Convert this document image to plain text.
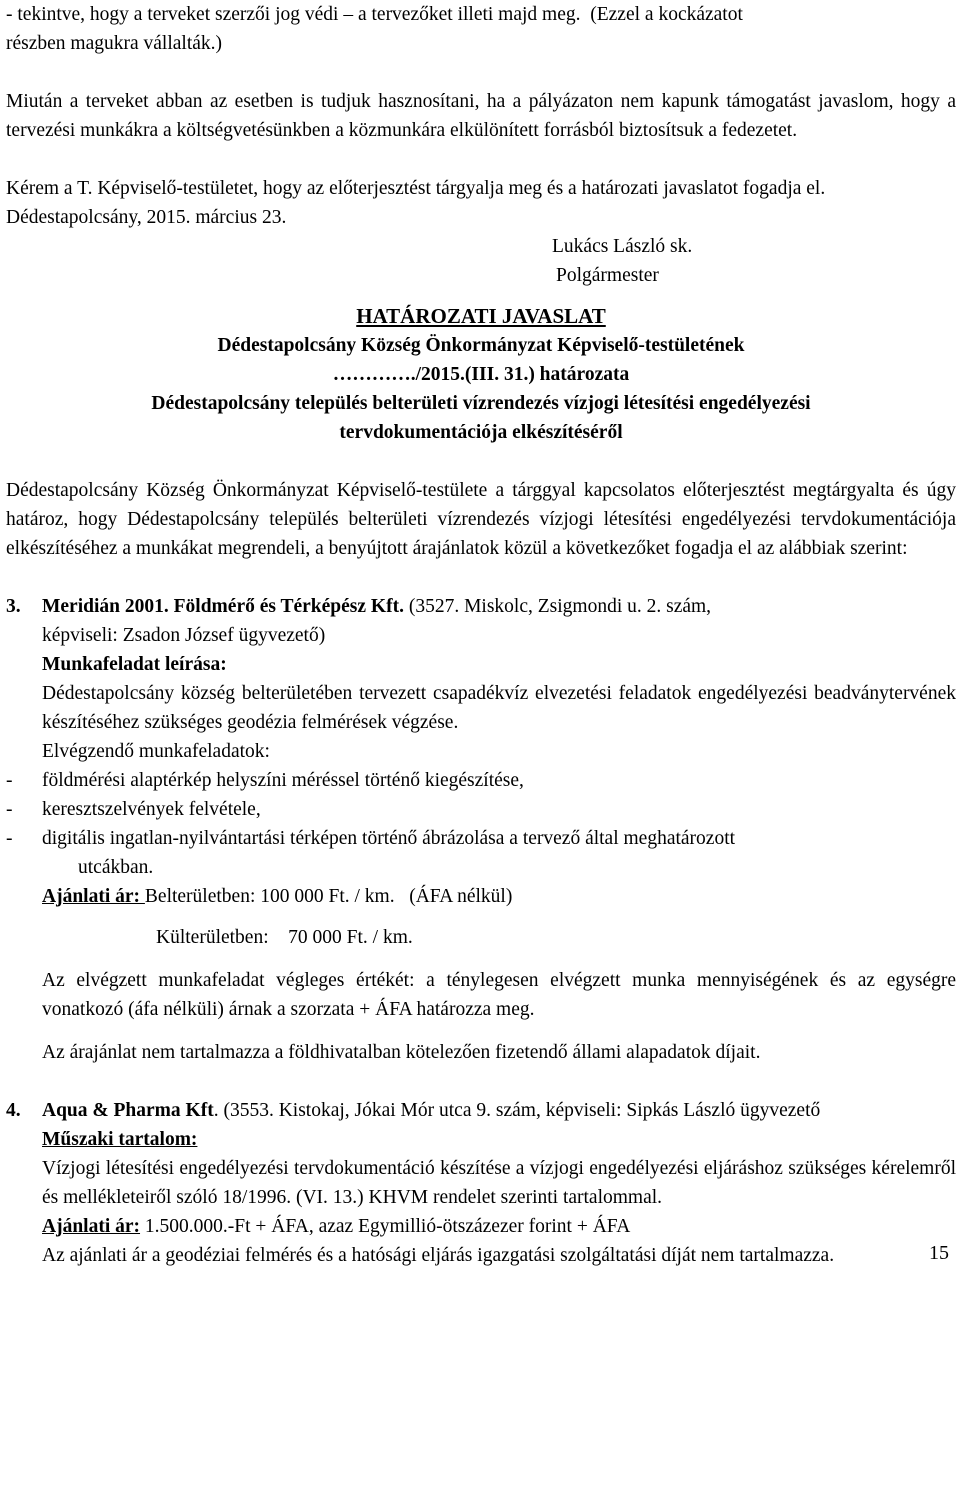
- tekintve, hogy a terveket szerzői jog védi – a tervezőket illeti majd meg.  (Ezzel a kockázatot

részben magukra vállalták.)

Miután a terveket abban az esetben is tudjuk hasznosítani, ha a pályázaton nem kapunk támogatást javaslom, hogy a tervezési munkákra a költségvetésünkben a közmunkára elkülönített forrásból biztosítsuk a fedezetet.

Kérem a T. Képviselő-testületet, hogy az előterjesztést tárgyalja meg és a határozati javaslatot fogadja el.

Dédestapolcsány, 2015. március 23.

Lukács László sk.

Polgármester

HATÁROZATI JAVASLAT

Dédestapolcsány Község Önkormányzat Képviselő-testületének

…………./2015.(III. 31.) határozata

Dédestapolcsány település belterületi vízrendezés vízjogi létesítési engedélyezési

tervdokumentációja elkészítéséről

Dédestapolcsány Község Önkormányzat Képviselő-testülete a tárggyal kapcsolatos előterjesztést megtárgyalta és úgy határoz, hogy Dédestapolcsány település belterületi vízrendezés vízjogi létesítési engedélyezési tervdokumentációja elkészítéséhez a munkákat megrendeli, a benyújtott árajánlatok közül a következőket fogadja el az alábbiak szerint:

3. Meridián 2001. Földmérő és Térképész Kft. (3527. Miskolc, Zsigmondi u. 2. szám,

képviseli: Zsadon József ügyvezető)

Munkafeladat leírása:

Dédestapolcsány község belterületében tervezett csapadékvíz elvezetési feladatok engedélyezési beadványtervének készítéséhez szükséges geodézia felmérések végzése.

Elvégzendő munkafeladatok:

- földmérési alaptérkép helyszíni méréssel történő kiegészítése,
- keresztszelvények felvétele,
- digitális ingatlan-nyilvántartási térképen történő ábrázolása a tervező által meghatározott

utcákban.

Ajánlati ár: Belterületben: 100 000 Ft. / km. (ÁFA nélkül)

Külterületben: 70 000 Ft. / km.

Az elvégzett munkafeladat végleges értékét: a ténylegesen elvégzett munka mennyiségének és az egységre vonatkozó (áfa nélküli) árnak a szorzata + ÁFA határozza meg.

Az árajánlat nem tartalmazza a földhivatalban kötelezően fizetendő állami alapadatok díjait.

4. Aqua & Pharma Kft. (3553. Kistokaj, Jókai Mór utca 9. szám, képviseli: Sipkás László ügyvezető

Műszaki tartalom:

Vízjogi létesítési engedélyezési tervdokumentáció készítése a vízjogi engedélyezési eljáráshoz szükséges kérelemről és mellékleteiről szóló 18/1996. (VI. 13.) KHVM rendelet szerinti tartalommal.

Ajánlati ár: 1.500.000.-Ft + ÁFA, azaz Egymillió-ötszázezer forint + ÁFA

Az ajánlati ár a geodéziai felmérés és a hatósági eljárás igazgatási szolgáltatási díját nem tartalmazza.	15
